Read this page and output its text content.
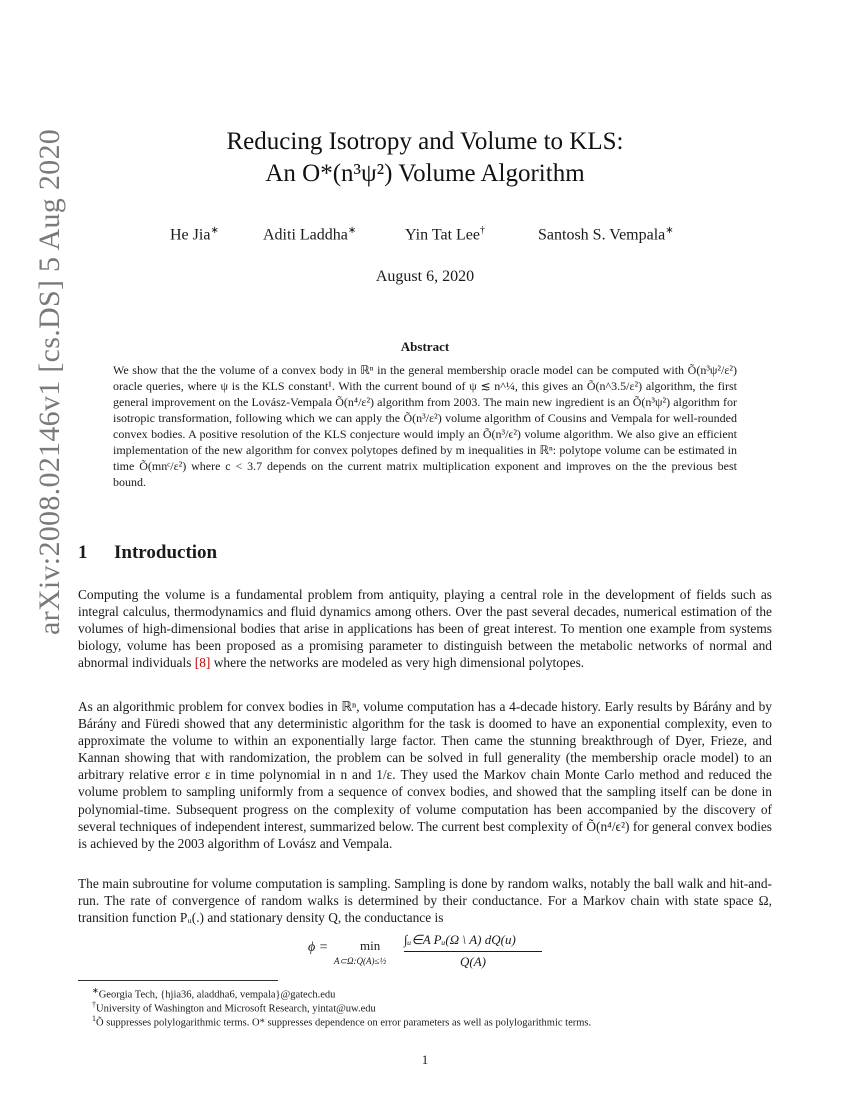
arXiv:2008.02146v1 [cs.DS] 5 Aug 2020	Reducing Isotropy and Volume to KLS:
An O*(n³ψ²) Volume Algorithm
He Jia∗	Aditi Laddha∗	Yin Tat Lee†	Santosh S. Vempala∗
August 6, 2020
Abstract
We show that the the volume of a convex body in ℝⁿ in the general membership oracle model can be computed with Õ(n³ψ²/ε²) oracle queries, where ψ is the KLS constant¹. With the current bound of ψ ≲ n^¼, this gives an Õ(n^3.5/ε²) algorithm, the first general improvement on the Lovász-Vempala Õ(n⁴/ε²) algorithm from 2003. The main new ingredient is an Õ(n³ψ²) algorithm for isotropic transformation, following which we can apply the Õ(n³/ε²) volume algorithm of Cousins and Vempala for well-rounded convex bodies. A positive resolution of the KLS conjecture would imply an Õ(n³/ϵ²) volume algorithm. We also give an efficient implementation of the new algorithm for convex polytopes defined by m inequalities in ℝⁿ: polytope volume can be estimated in time Õ(mnᶜ/ε²) where c < 3.7 depends on the current matrix multiplication exponent and improves on the the previous best bound.
1 Introduction
Computing the volume is a fundamental problem from antiquity, playing a central role in the development of fields such as integral calculus, thermodynamics and fluid dynamics among others. Over the past several decades, numerical estimation of the volumes of high-dimensional bodies that arise in applications has been of great interest. To mention one example from systems biology, volume has been proposed as a promising parameter to distinguish between the metabolic networks of normal and abnormal individuals [8] where the networks are modeled as very high dimensional polytopes.
As an algorithmic problem for convex bodies in ℝⁿ, volume computation has a 4-decade history. Early results by Bárány and by Bárány and Füredi showed that any deterministic algorithm for the task is doomed to have an exponential complexity, even to approximate the volume to within an exponentially large factor. Then came the stunning breakthrough of Dyer, Frieze, and Kannan showing that with randomization, the problem can be solved in full generality (the membership oracle model) to an arbitrary relative error ε in time polynomial in n and 1/ε. They used the Markov chain Monte Carlo method and reduced the volume problem to sampling uniformly from a sequence of convex bodies, and showed that the sampling itself can be done in polynomial-time. Subsequent progress on the complexity of volume computation has been accompanied by the discovery of several techniques of independent interest, summarized below. The current best complexity of Õ(n⁴/ϵ²) for general convex bodies is achieved by the 2003 algorithm of Lovász and Vempala.
The main subroutine for volume computation is sampling. Sampling is done by random walks, notably the ball walk and hit-and-run. The rate of convergence of random walks is determined by their conductance. For a Markov chain with state space Ω, transition function Pᵤ(.) and stationary density Q, the conductance is
ϕ = min
A⊂Ω:Q(A)≤½
∫ᵤ∈A Pᵤ(Ω \ A) dQ(u)
Q(A)
∗Georgia Tech, {hjia36, aladdha6, vempala}@gatech.edu
†University of Washington and Microsoft Research, yintat@uw.edu
$^1$Õ suppresses polylogarithmic terms. O* suppresses dependence on error parameters as well as polylogarithmic terms.
1
